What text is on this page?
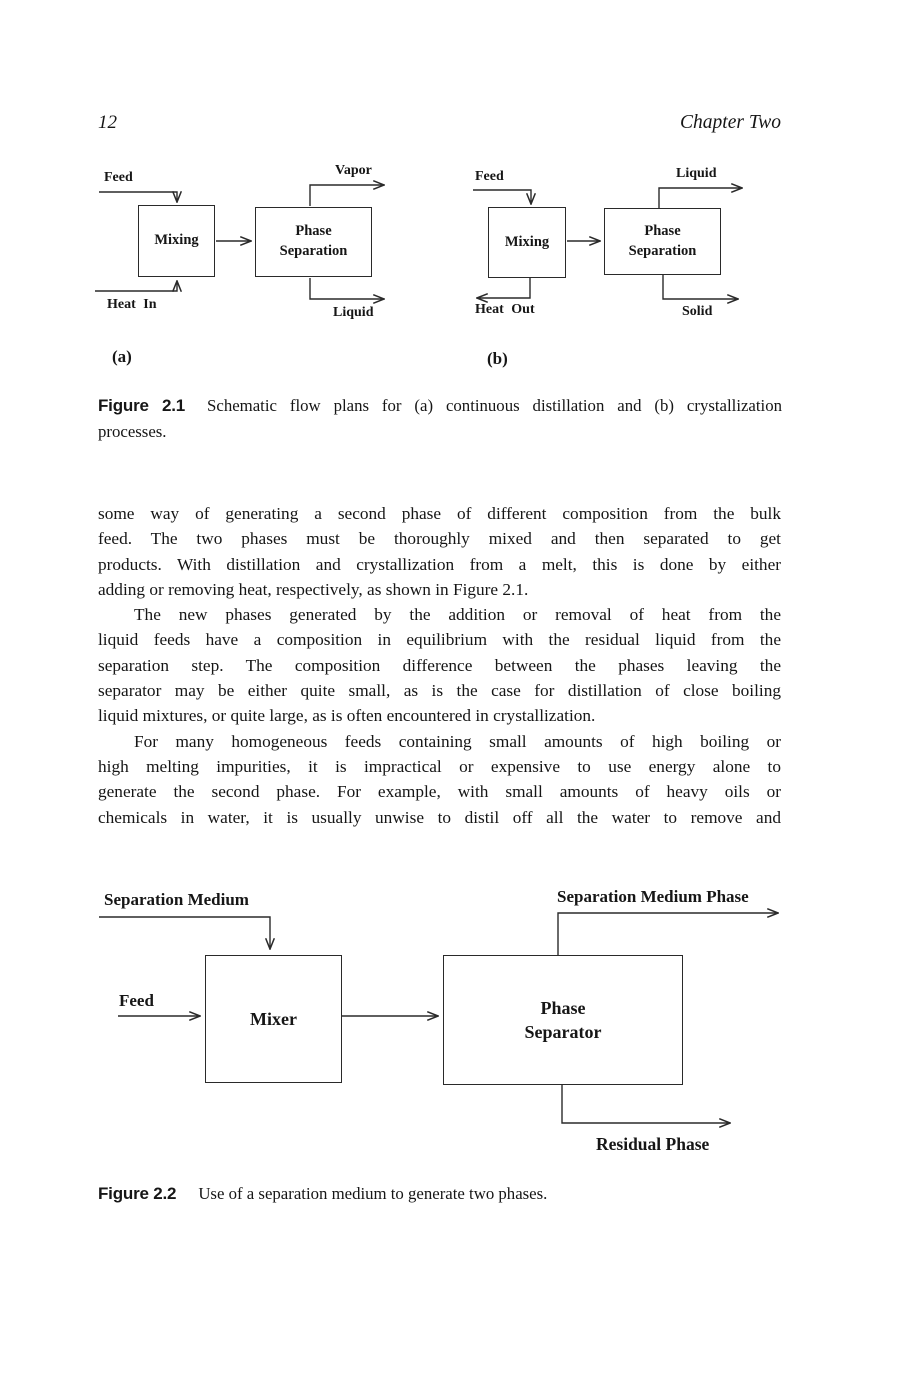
12	Chapter Two
Feed
Mixing
Phase Separation
Vapor
Liquid
Heat In
(a)
Feed
Mixing
Phase Separation
Liquid
Heat Out	Solid
(b)
Figure 2.1 Schematic flow plans for (a) continuous distillation and (b) crystallization
processes.
some way of generating a second phase of different composition from the bulk
feed. The two phases must be thoroughly mixed and then separated to get
products. With distillation and crystallization from a melt, this is done by either
adding or removing heat, respectively, as shown in Figure 2.1.
The new phases generated by the addition or removal of heat from the
liquid feeds have a composition in equilibrium with the residual liquid from the
separation step. The composition difference between the phases leaving the
separator may be either quite small, as is the case for distillation of close boiling
liquid mixtures, or quite large, as is often encountered in crystallization.
For many homogeneous feeds containing small amounts of high boiling or
high melting impurities, it is impractical or expensive to use energy alone to
generate the second phase. For example, with small amounts of heavy oils or
chemicals in water, it is usually unwise to distil off all the water to remove and
Separation Medium
Feed
Mixer
Phase Separator
Separation Medium Phase
Residual Phase
Figure 2.2 Use of a separation medium to generate two phases.
